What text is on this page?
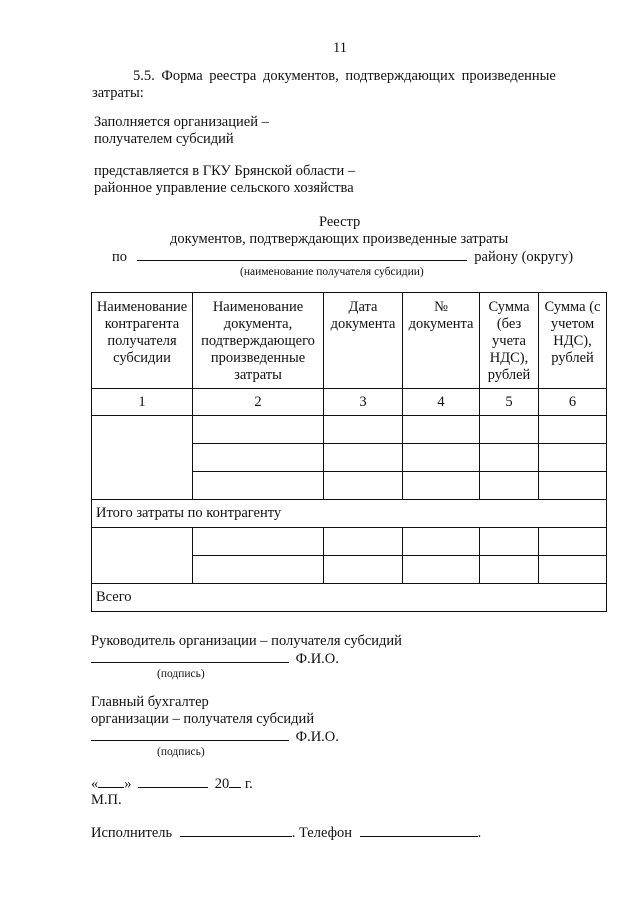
11
5.5. Форма реестра документов, подтверждающих произведенные
затраты:
Заполняется организацией –
получателем субсидий
представляется в ГКУ Брянской области –
районное управление сельского хозяйства
Реестр
документов, подтверждающих произведенные затраты
по	району (округу)
(наименование получателя субсидии)
Наименование контрагента получателя субсидии	Наименование документа, подтверждающего произведенные затраты	Дата документа	№ документа	Сумма (без учета НДС), рублей	Сумма (с учетом НДС), рублей
1	2	3	4	5	6

Итого затраты по контрагенту					

Всего					
Руководитель организации – получателя субсидий
Ф.И.О.
(подпись)
Главный бухгалтер
организации – получателя субсидий
Ф.И.О.
(подпись)
« »	20 г.
М.П.
Исполнитель	. Телефон	.
